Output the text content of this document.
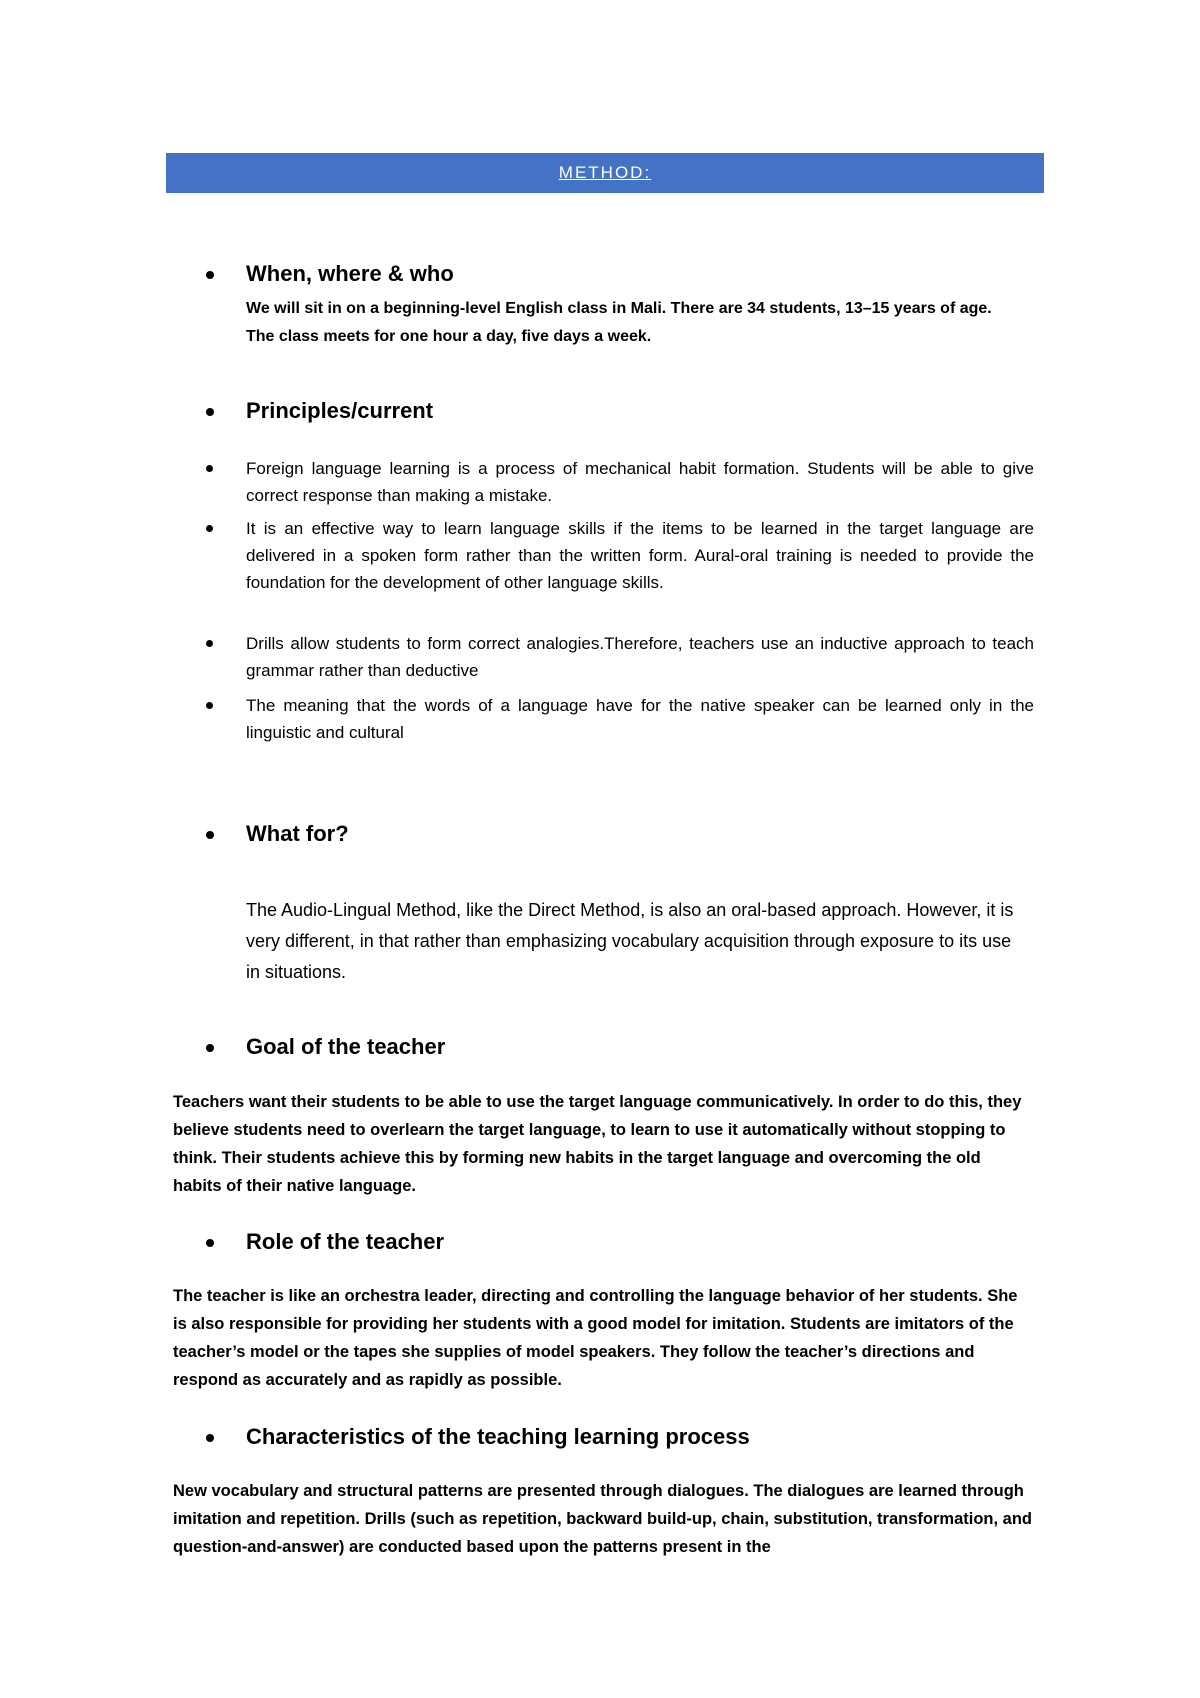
METHOD:
When, where & who
We will sit in on a beginning-level English class in Mali. There are 34 students, 13–15 years of age. The class meets for one hour a day, five days a week.
Principles/current
Foreign language learning is a process of mechanical habit formation. Students will be able to give correct response than making a mistake.
It is an effective way to learn language skills if the items to be learned in the target language are delivered in a spoken form rather than the written form. Aural-oral training is needed to provide the foundation for the development of other language skills.
Drills allow students to form correct analogies.Therefore, teachers use an inductive approach to teach grammar rather than deductive
The meaning that the words of a language have for the native speaker can be learned only in the linguistic and cultural
What for?
The Audio-Lingual Method, like the Direct Method, is also an oral-based approach. However, it is very different, in that rather than emphasizing vocabulary acquisition through exposure to its use in situations.
Goal of the teacher
Teachers want their students to be able to use the target language communicatively. In order to do this, they believe students need to overlearn the target language, to learn to use it automatically without stopping to think. Their students achieve this by forming new habits in the target language and overcoming the old habits of their native language.
Role of the teacher
The teacher is like an orchestra leader, directing and controlling the language behavior of her students. She is also responsible for providing her students with a good model for imitation. Students are imitators of the teacher’s model or the tapes she supplies of model speakers. They follow the teacher’s directions and respond as accurately and as rapidly as possible.
Characteristics of the teaching learning process
New vocabulary and structural patterns are presented through dialogues. The dialogues are learned through imitation and repetition. Drills (such as repetition, backward build-up, chain, substitution, transformation, and question-and-answer) are conducted based upon the patterns present in the
